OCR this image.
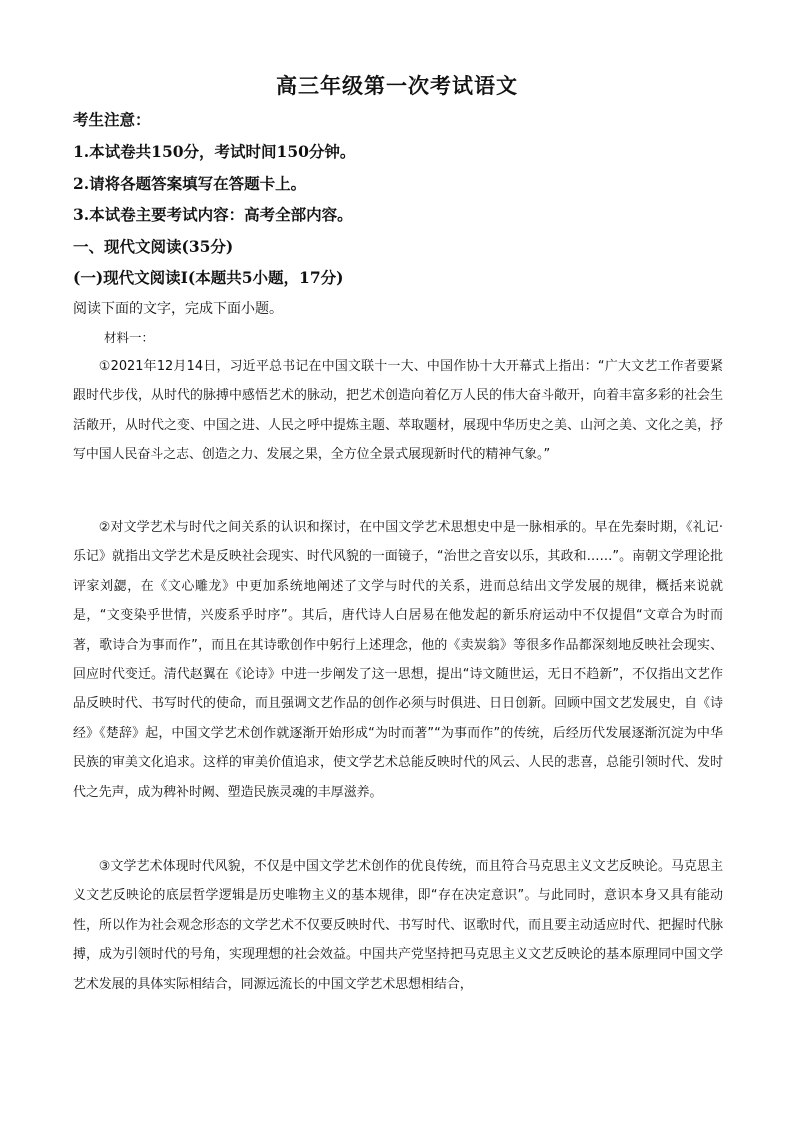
高三年级第一次考试语文
考生注意：
1.本试卷共150分，考试时间150分钟。
2.请将各题答案填写在答题卡上。
3.本试卷主要考试内容：高考全部内容。
一、现代文阅读(35分)
(一)现代文阅读Ⅰ(本题共5小题，17分)
阅读下面的文字，完成下面小题。
材料一：

①2021年12月14日，习近平总书记在中国文联十一大、中国作协十大开幕式上指出：“广大文艺工作者要紧跟时代步伐，从时代的脉搏中感悟艺术的脉动，把艺术创造向着亿万人民的伟大奋斗敞开，向着丰富多彩的社会生活敞开，从时代之变、中国之进、人民之呼中提炼主题、萃取题材，展现中华历史之美、山河之美、文化之美，抒写中国人民奋斗之志、创造之力、发展之果，全方位全景式展现新时代的精神气象。”

②对文学艺术与时代之间关系的认识和探讨，在中国文学艺术思想史中是一脉相承的。早在先秦时期，《礼记·乐记》就指出文学艺术是反映社会现实、时代风貌的一面镜子，“治世之音安以乐，其政和……”。南朝文学理论批评家刘勰，在《文心雕龙》中更加系统地阐述了文学与时代的关系，进而总结出文学发展的规律，概括来说就是，“文变染乎世情，兴废系乎时序”。其后，唐代诗人白居易在他发起的新乐府运动中不仅提倡“文章合为时而著，歌诗合为事而作”，而且在其诗歌创作中躬行上述理念，他的《卖炭翁》等很多作品都深刻地反映社会现实、回应时代变迁。清代赵翼在《论诗》中进一步阐发了这一思想，提出“诗文随世运，无日不趋新”，不仅指出文艺作品反映时代、书写时代的使命，而且强调文艺作品的创作必须与时俱进、日日创新。回顾中国文艺发展史，自《诗经》《楚辞》起，中国文学艺术创作就逐渐开始形成“为时而著”“为事而作”的传统，后经历代发展逐渐沉淀为中华民族的审美文化追求。这样的审美价值追求，使文学艺术总能反映时代的风云、人民的悲喜，总能引领时代、发时代之先声，成为稗补时阙、塑造民族灵魂的丰厚滋养。

③文学艺术体现时代风貌，不仅是中国文学艺术创作的优良传统，而且符合马克思主义文艺反映论。马克思主义文艺反映论的底层哲学逻辑是历史唯物主义的基本规律，即“存在决定意识”。与此同时，意识本身又具有能动性，所以作为社会观念形态的文学艺术不仅要反映时代、书写时代、讴歌时代，而且要主动适应时代、把握时代脉搏，成为引领时代的号角，实现理想的社会效益。中国共产党坚持把马克思主义文艺反映论的基本原理同中国文学艺术发展的具体实际相结合，同源远流长的中国文学艺术思想相结合，
